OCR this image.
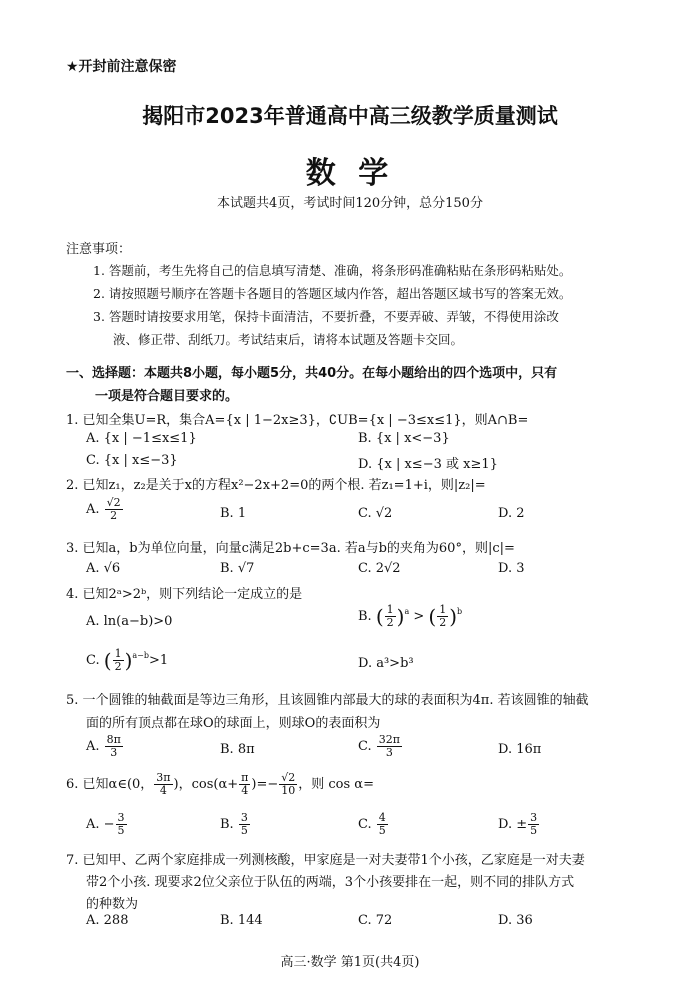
★开封前注意保密
揭阳市2023年普通高中高三级教学质量测试
数 学
本试题共4页，考试时间120分钟，总分150分
注意事项：
1. 答题前，考生先将自己的信息填写清楚、准确，将条形码准确粘贴在条形码粘贴处。
2. 请按照题号顺序在答题卡各题目的答题区域内作答，超出答题区域书写的答案无效。
3. 答题时请按要求用笔，保持卡面清洁，不要折叠，不要弄破、弄皱，不得使用涂改
液、修正带、刮纸刀。考试结束后，请将本试题及答题卡交回。
一、选择题：本题共8小题，每小题5分，共40分。在每小题给出的四个选项中，只有
一项是符合题目要求的。
1. 已知全集U=R，集合A={x | 1−2x≥3}，∁UB={x | −3≤x≤1}，则A∩B=
A. {x | −1≤x≤1}	B. {x | x<−3}
C. {x | x≤−3}	D. {x | x≤−3 或 x≥1}
2. 已知z₁，z₂是关于x的方程x²−2x+2=0的两个根. 若z₁=1+i，则|z₂|=
A. $\frac{√2}{2}$	B. 1	C. √2	D. 2
3. 已知a，b为单位向量，向量c满足2b+c=3a. 若a与b的夹角为60°，则|c|=
A. √6	B. √7	C. 2√2	D. 3
4. 已知2ᵃ>2ᵇ，则下列结论一定成立的是
A. ln(a−b)>0	B. ( $\frac{1}{2} )^a$ > ( $\frac{1}{2} )^b$
C. ( $\frac{1}{2} )^{a-b}>1$	D. a³>b³
5. 一个圆锥的轴截面是等边三角形，且该圆锥内部最大的球的表面积为4π. 若该圆锥的轴截
面的所有顶点都在球O的球面上，则球O的表面积为
A. $\frac{8\pi}{3}$	B. 8π	C. $\frac{32\pi}{3}$	D. 16π
6. 已知α∈(0， $\frac{3\pi}{4}$ )，$\cos(\alpha+ \frac{\pi}{4}$ )=− $\frac{√2}{10}$ ，则 cos α=
A. − $\frac{3}{5}$	B. $\frac{3}{5}$	C. $\frac{4}{5}$	D. ± $\frac{3}{5}$
7. 已知甲、乙两个家庭排成一列测核酸，甲家庭是一对夫妻带1个小孩，乙家庭是一对夫妻
带2个小孩. 现要求2位父亲位于队伍的两端，3个小孩要排在一起，则不同的排队方式
的种数为
A. 288	B. 144	C. 72	D. 36
高三·数学 第1页(共4页)
